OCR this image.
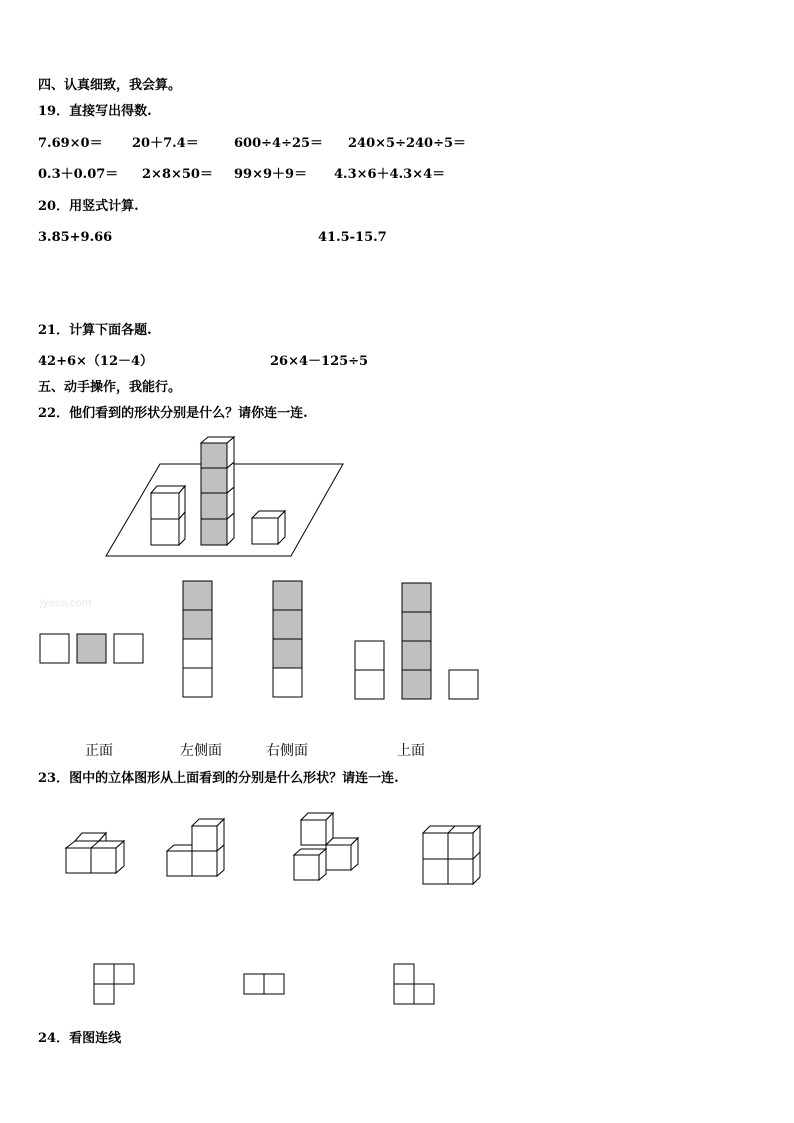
四、认真细致，我会算。
19．直接写出得数.
7.69×0＝ 20＋7.4＝	600÷4÷25＝ 240×5÷240÷5＝
0.3＋0.07＝ 2×8×50＝ 99×9＋9＝ 4.3×6＋4.3×4＝
20．用竖式计算.
3.85+9.66	41.5-15.7
21．计算下面各题.
42+6×（12－4）	26×4－125÷5
五、动手操作，我能行。
22．他们看到的形状分别是什么？请你连一连.
jyeoo.com
正面	左侧面	右侧面	上面
23．图中的立体图形从上面看到的分别是什么形状？请连一连.
24．看图连线
